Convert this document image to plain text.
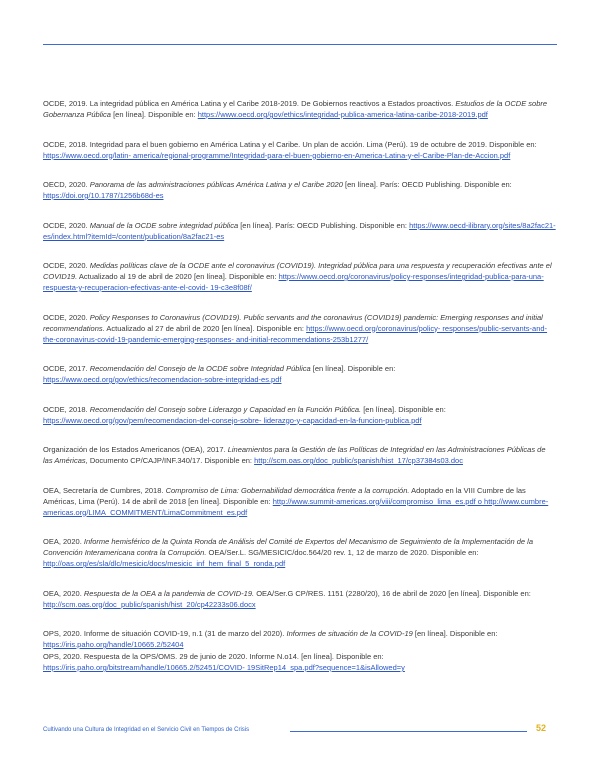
OCDE, 2019. La integridad pública en América Latina y el Caribe 2018-2019. De Gobiernos reactivos a Estados proactivos. Estudios de la OCDE sobre Gobernanza Pública [en línea]. Disponible en: https://www.oecd.org/gov/ethics/integridad-publica-america-latina-caribe-2018-2019.pdf

OCDE, 2018. Integridad para el buen gobierno en América Latina y el Caribe. Un plan de acción. Lima (Perú). 19 de octubre de 2019. Disponible en: https://www.oecd.org/latin- america/regional-programme/Integridad-para-el-buen-gobierno-en-America-Latina-y-el-Caribe-Plan-de-Accion.pdf

OECD, 2020. Panorama de las administraciones públicas América Latina y el Caribe 2020 [en línea]. París: OECD Publishing. Disponible en: https://doi.org/10.1787/1256b68d-es

OCDE, 2020. Manual de la OCDE sobre integridad pública [en línea]. París: OECD Publishing. Disponible en: https://www.oecd-ilibrary.org/sites/8a2fac21- es/index.html?itemId=/content/publication/8a2fac21-es

OCDE, 2020. Medidas políticas clave de la OCDE ante el coronavirus (COVID19). Integridad pública para una respuesta y recuperación efectivas ante el COVID19. Actualizado al 19 de abril de 2020 [en línea]. Disponible en: https://www.oecd.org/coronavirus/policy-responses/integridad-publica-para-una-respuesta-y-recuperacion-efectivas-ante-el-covid- 19-c3e8f08f/

OCDE, 2020. Policy Responses to Coronavirus (COVID19). Public servants and the coronavirus (COVID19) pandemic: Emerging responses and initial recommendations. Actualizado al 27 de abril de 2020 [en línea]. Disponible en: https://www.oecd.org/coronavirus/policy- responses/public-servants-and-the-coronavirus-covid-19-pandemic-emerging-responses- and-initial-recommendations-253b1277/

OCDE, 2017. Recomendación del Consejo de la OCDE sobre Integridad Pública [en línea]. Disponible en: https://www.oecd.org/gov/ethics/recomendacion-sobre-integridad-es.pdf

OCDE, 2018. Recomendación del Consejo sobre Liderazgo y Capacidad en la Función Pública. [en línea]. Disponible en: https://www.oecd.org/gov/pem/recomendacion-del-consejo-sobre- liderazgo-y-capacidad-en-la-funcion-publica.pdf

Organización de los Estados Americanos (OEA), 2017. Lineamientos para la Gestión de las Políticas de Integridad en las Administraciones Públicas de las Américas, Documento CP/CAJP/INF.340/17. Disponible en: http://scm.oas.org/doc_public/spanish/hist_17/cp37384s03.doc

OEA, Secretaría de Cumbres, 2018. Compromiso de Lima: Gobernabilidad democrática frente a la corrupción. Adoptado en la VIII Cumbre de las Américas, Lima (Perú). 14 de abril de 2018 [en línea]. Disponible en: http://www.summit-americas.org/viii/compromiso_lima_es.pdf o http://www.cumbre-americas.org/LIMA_COMMITMENT/LimaCommitment_es.pdf

OEA, 2020. Informe hemisférico de la Quinta Ronda de Análisis del Comité de Expertos del Mecanismo de Seguimiento de la Implementación de la Convención Interamericana contra la Corrupción. OEA/Ser.L. SG/MESICIC/doc.564/20 rev. 1, 12 de marzo de 2020. Disponible en: http://oas.org/es/sla/dlc/mesicic/docs/mesicic_inf_hem_final_5_ronda.pdf

OEA, 2020. Respuesta de la OEA a la pandemia de COVID-19. OEA/Ser.G CP/RES. 1151 (2280/20), 16 de abril de 2020 [en línea]. Disponible en: http://scm.oas.org/doc_public/spanish/hist_20/cp42233s06.docx

OPS, 2020. Informe de situación COVID-19, n.1 (31 de marzo del 2020). Informes de situación de la COVID-19 [en línea]. Disponible en: https://iris.paho.org/handle/10665.2/52404

OPS, 2020. Respuesta de la OPS/OMS. 29 de junio de 2020. Informe N.o14. [en línea]. Disponible en: https://iris.paho.org/bitstream/handle/10665.2/52451/COVID- 19SitRep14_spa.pdf?sequence=1&isAllowed=y

Cultivando una Cultura de Integridad en el Servicio Civil en Tiempos de Crisis	52
